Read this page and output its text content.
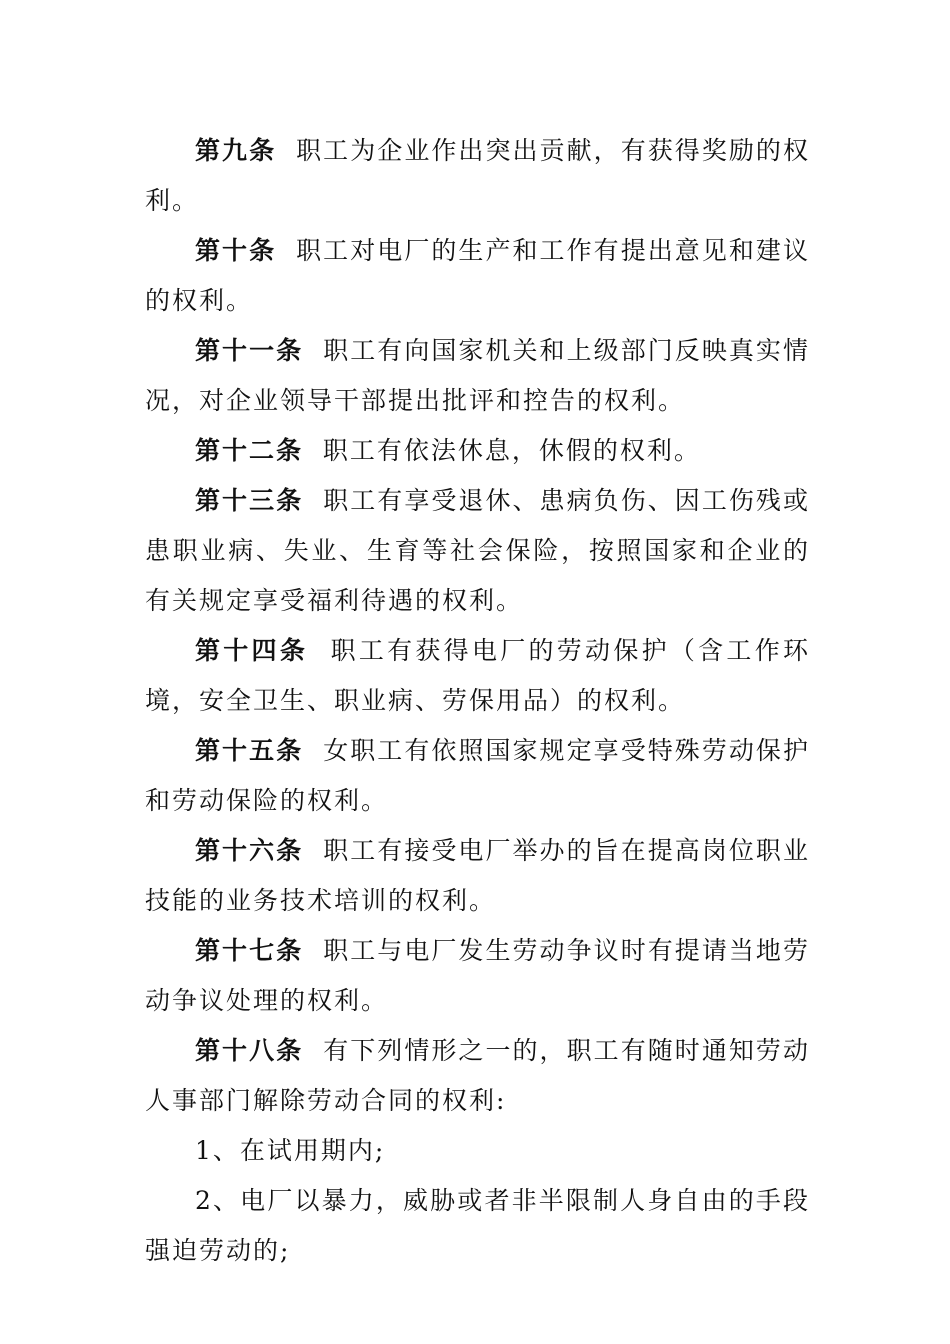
第九条 职工为企业作出突出贡献，有获得奖励的权利。

第十条 职工对电厂的生产和工作有提出意见和建议的权利。

第十一条 职工有向国家机关和上级部门反映真实情况，对企业领导干部提出批评和控告的权利。

第十二条 职工有依法休息，休假的权利。

第十三条 职工有享受退休、患病负伤、因工伤残或患职业病、失业、生育等社会保险，按照国家和企业的有关规定享受福利待遇的权利。

第十四条 职工有获得电厂的劳动保护（含工作环境，安全卫生、职业病、劳保用品）的权利。

第十五条 女职工有依照国家规定享受特殊劳动保护和劳动保险的权利。

第十六条 职工有接受电厂举办的旨在提高岗位职业技能的业务技术培训的权利。

第十七条 职工与电厂发生劳动争议时有提请当地劳动争议处理的权利。

第十八条 有下列情形之一的，职工有随时通知劳动人事部门解除劳动合同的权利:

1、在试用期内;

2、电厂以暴力，威胁或者非半限制人身自由的手段强迫劳动的;
